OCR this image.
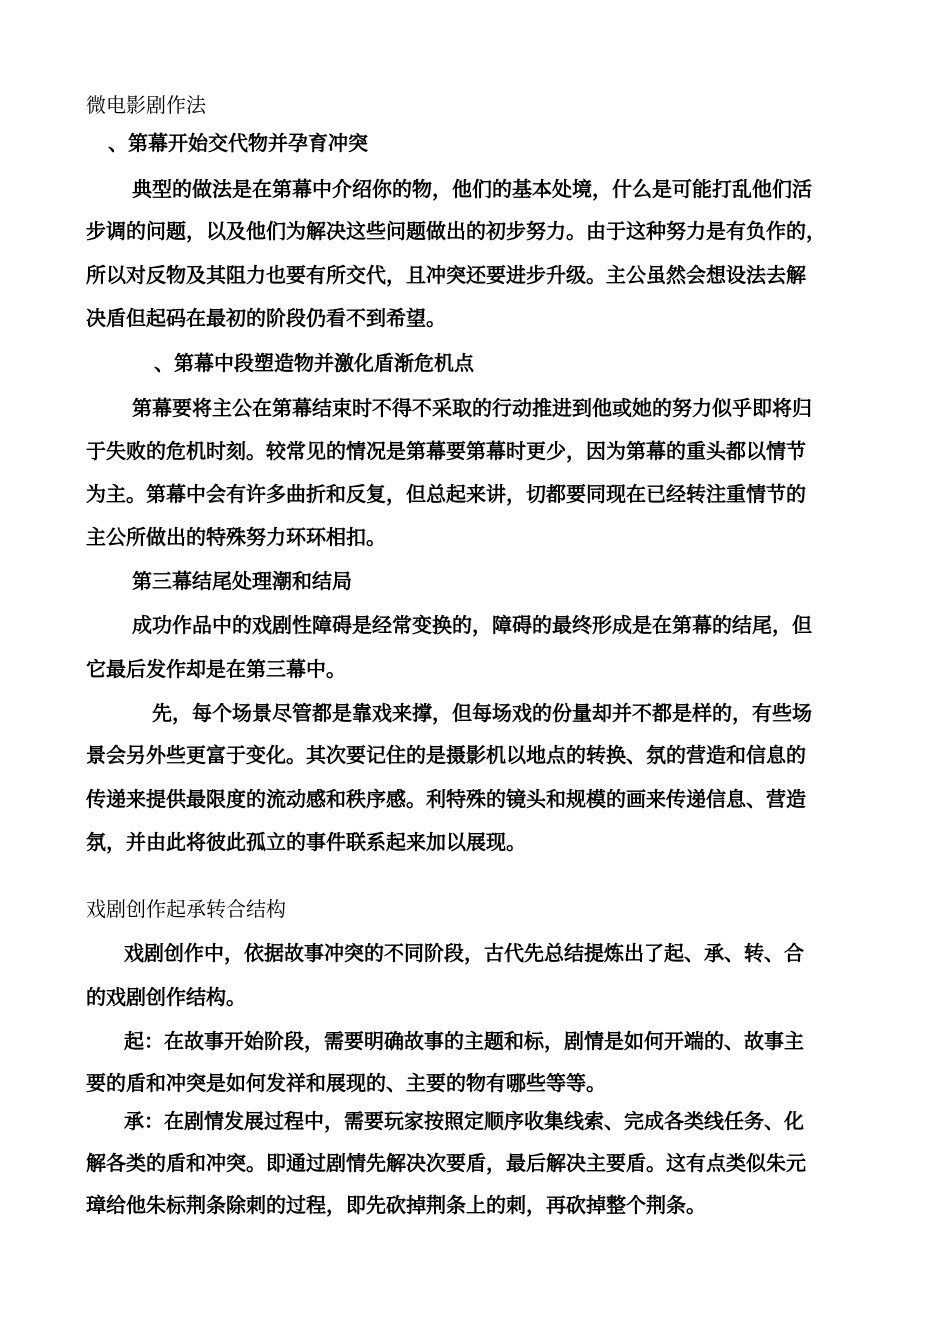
微电影剧作法
、第幕开始交代物并孕育冲突
典型的做法是在第幕中介绍你的物，他们的基本处境，什么是可能打乱他们活
步调的问题，以及他们为解决这些问题做出的初步努力。由于这种努力是有负作的，
所以对反物及其阻力也要有所交代，且冲突还要进步升级。主公虽然会想设法去解
决盾但起码在最初的阶段仍看不到希望。
、第幕中段塑造物并激化盾渐危机点
第幕要将主公在第幕结束时不得不采取的行动推进到他或她的努力似乎即将归
于失败的危机时刻。较常见的情况是第幕要第幕时更少，因为第幕的重头都以情节
为主。第幕中会有许多曲折和反复，但总起来讲，切都要同现在已经转注重情节的
主公所做出的特殊努力环环相扣。
第三幕结尾处理潮和结局
成功作品中的戏剧性障碍是经常变换的，障碍的最终形成是在第幕的结尾，但
它最后发作却是在第三幕中。
先，每个场景尽管都是靠戏来撑，但每场戏的份量却并不都是样的，有些场
景会另外些更富于变化。其次要记住的是摄影机以地点的转换、氛的营造和信息的
传递来提供最限度的流动感和秩序感。利特殊的镜头和规模的画来传递信息、营造
氛，并由此将彼此孤立的事件联系起来加以展现。
戏剧创作起承转合结构
戏剧创作中，依据故事冲突的不同阶段，古代先总结提炼出了起、承、转、合
的戏剧创作结构。
起：在故事开始阶段，需要明确故事的主题和标，剧情是如何开端的、故事主
要的盾和冲突是如何发祥和展现的、主要的物有哪些等等。
承：在剧情发展过程中，需要玩家按照定顺序收集线索、完成各类线任务、化
解各类的盾和冲突。即通过剧情先解决次要盾，最后解决主要盾。这有点类似朱元
璋给他朱标荆条除刺的过程，即先砍掉荆条上的刺，再砍掉整个荆条。
